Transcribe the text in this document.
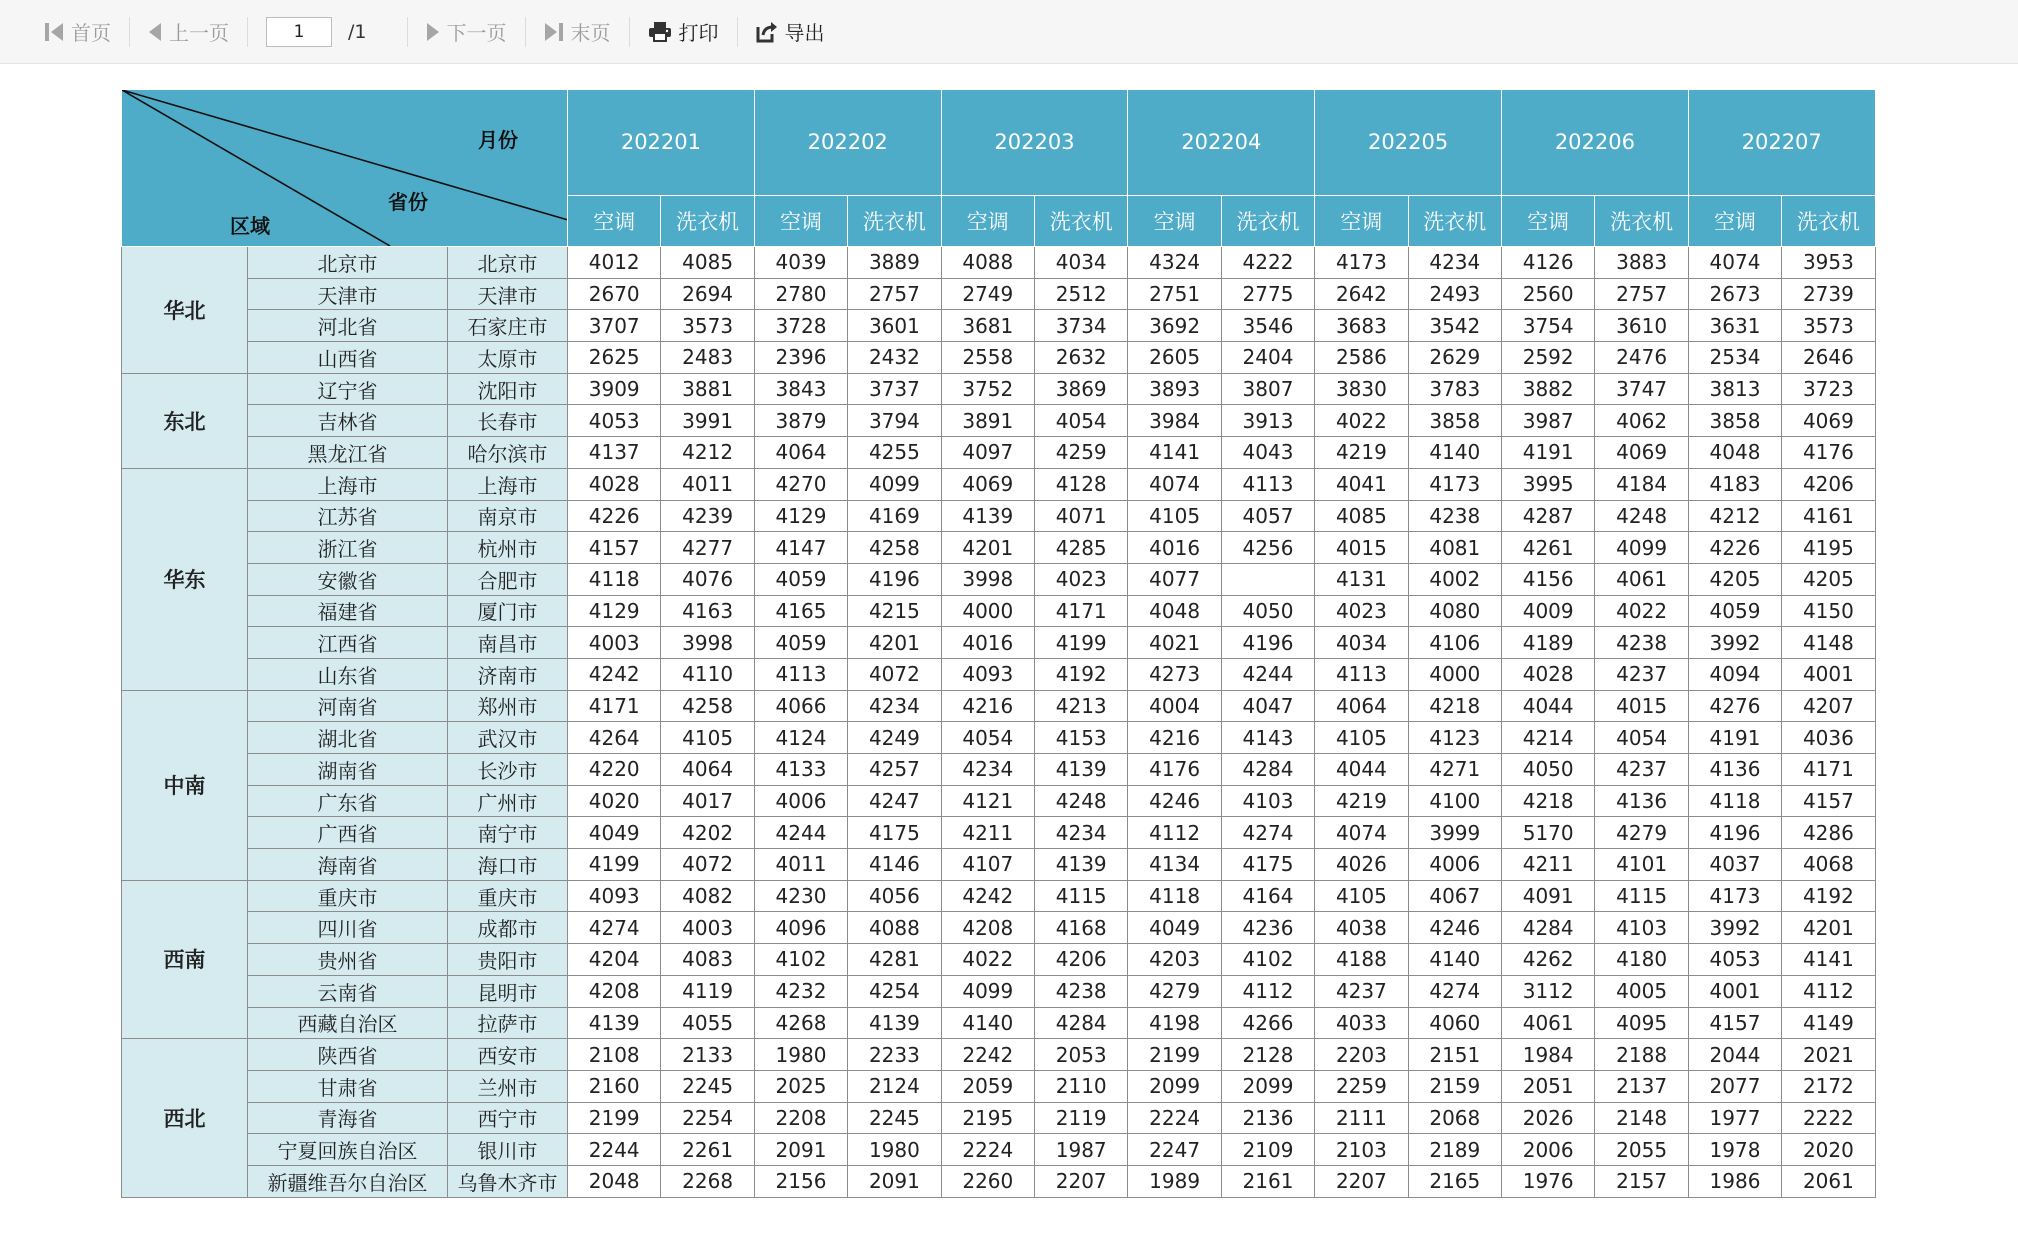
首页	上一页
1	/1	下一页	末页	打印	导出
月份
省份
区域			202201		202202		202203		202204		202205		202206		202207	
			空调	洗衣机	空调	洗衣机	空调	洗衣机	空调	洗衣机	空调	洗衣机	空调	洗衣机	空调	洗衣机
华北	北京市	北京市	4012	4085	4039	3889	4088	4034	4324	4222	4173	4234	4126	3883	4074	3953
	天津市	天津市	2670	2694	2780	2757	2749	2512	2751	2775	2642	2493	2560	2757	2673	2739
	河北省	石家庄市	3707	3573	3728	3601	3681	3734	3692	3546	3683	3542	3754	3610	3631	3573
	山西省	太原市	2625	2483	2396	2432	2558	2632	2605	2404	2586	2629	2592	2476	2534	2646
东北	辽宁省	沈阳市	3909	3881	3843	3737	3752	3869	3893	3807	3830	3783	3882	3747	3813	3723
	吉林省	长春市	4053	3991	3879	3794	3891	4054	3984	3913	4022	3858	3987	4062	3858	4069
	黑龙江省	哈尔滨市	4137	4212	4064	4255	4097	4259	4141	4043	4219	4140	4191	4069	4048	4176
华东	上海市	上海市	4028	4011	4270	4099	4069	4128	4074	4113	4041	4173	3995	4184	4183	4206
	江苏省	南京市	4226	4239	4129	4169	4139	4071	4105	4057	4085	4238	4287	4248	4212	4161
	浙江省	杭州市	4157	4277	4147	4258	4201	4285	4016	4256	4015	4081	4261	4099	4226	4195
	安徽省	合肥市	4118	4076	4059	4196	3998	4023	4077		4131	4002	4156	4061	4205	4205
	福建省	厦门市	4129	4163	4165	4215	4000	4171	4048	4050	4023	4080	4009	4022	4059	4150
	江西省	南昌市	4003	3998	4059	4201	4016	4199	4021	4196	4034	4106	4189	4238	3992	4148
	山东省	济南市	4242	4110	4113	4072	4093	4192	4273	4244	4113	4000	4028	4237	4094	4001
中南	河南省	郑州市	4171	4258	4066	4234	4216	4213	4004	4047	4064	4218	4044	4015	4276	4207
	湖北省	武汉市	4264	4105	4124	4249	4054	4153	4216	4143	4105	4123	4214	4054	4191	4036
	湖南省	长沙市	4220	4064	4133	4257	4234	4139	4176	4284	4044	4271	4050	4237	4136	4171
	广东省	广州市	4020	4017	4006	4247	4121	4248	4246	4103	4219	4100	4218	4136	4118	4157
	广西省	南宁市	4049	4202	4244	4175	4211	4234	4112	4274	4074	3999	5170	4279	4196	4286
	海南省	海口市	4199	4072	4011	4146	4107	4139	4134	4175	4026	4006	4211	4101	4037	4068
西南	重庆市	重庆市	4093	4082	4230	4056	4242	4115	4118	4164	4105	4067	4091	4115	4173	4192
	四川省	成都市	4274	4003	4096	4088	4208	4168	4049	4236	4038	4246	4284	4103	3992	4201
	贵州省	贵阳市	4204	4083	4102	4281	4022	4206	4203	4102	4188	4140	4262	4180	4053	4141
	云南省	昆明市	4208	4119	4232	4254	4099	4238	4279	4112	4237	4274	3112	4005	4001	4112
	西藏自治区	拉萨市	4139	4055	4268	4139	4140	4284	4198	4266	4033	4060	4061	4095	4157	4149
西北	陕西省	西安市	2108	2133	1980	2233	2242	2053	2199	2128	2203	2151	1984	2188	2044	2021
	甘肃省	兰州市	2160	2245	2025	2124	2059	2110	2099	2099	2259	2159	2051	2137	2077	2172
	青海省	西宁市	2199	2254	2208	2245	2195	2119	2224	2136	2111	2068	2026	2148	1977	2222
	宁夏回族自治区	银川市	2244	2261	2091	1980	2224	1987	2247	2109	2103	2189	2006	2055	1978	2020
	新疆维吾尔自治区	乌鲁木齐市	2048	2268	2156	2091	2260	2207	1989	2161	2207	2165	1976	2157	1986	2061
